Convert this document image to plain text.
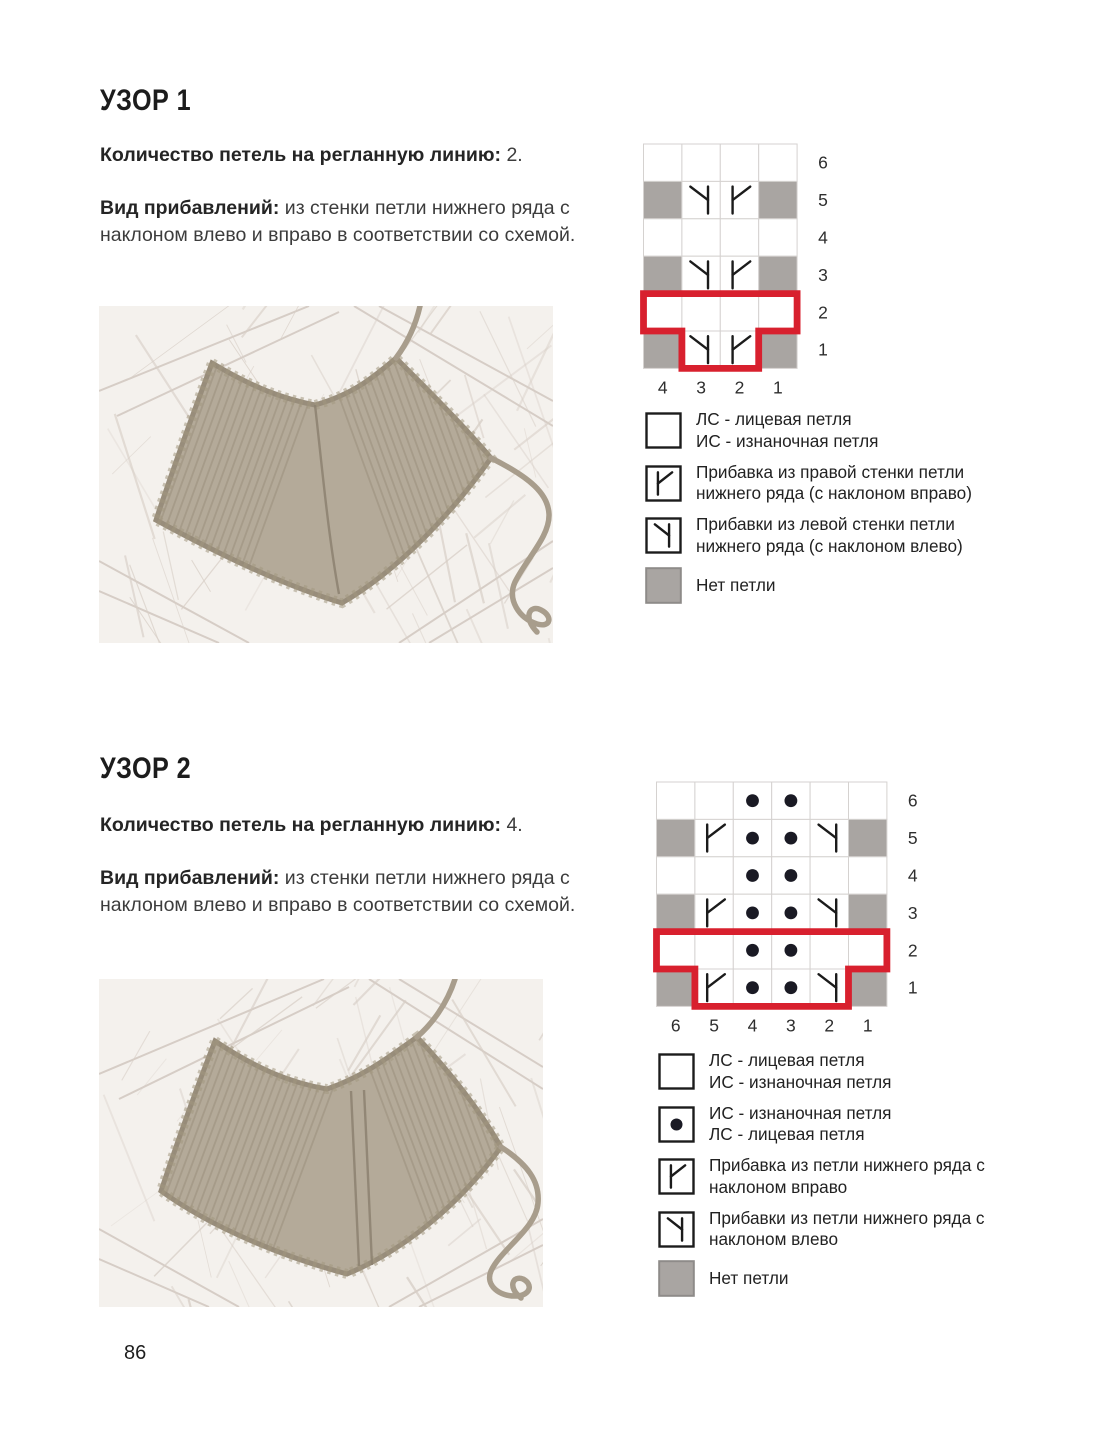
УЗОР 1

Количество петель на регланную линию: 2.

Вид прибавлений: из стенки петли нижнего ряда с наклоном влево и вправо в соответствии со схемой.

6
5
4
3
2
1
4 3 2 1
ЛС - лицевая петля
ИС - изнаночная петля
Прибавка из правой стенки петли
нижнего ряда (с наклоном вправо)
Прибавки из левой стенки петли
нижнего ряда (с наклоном влево)
Нет петли
УЗОР 2

Количество петель на регланную линию: 4.

Вид прибавлений: из стенки петли нижнего ряда с наклоном влево и вправо в соответствии со схемой.

6
5
4
3
2
1
6 5 4 3 2 1
ЛС - лицевая петля
ИС - изнаночная петля
ИС - изнаночная петля
ЛС - лицевая петля
Прибавка из петли нижнего ряда с
наклоном вправо
Прибавки из петли нижнего ряда с
наклоном влево
Нет петли
86
